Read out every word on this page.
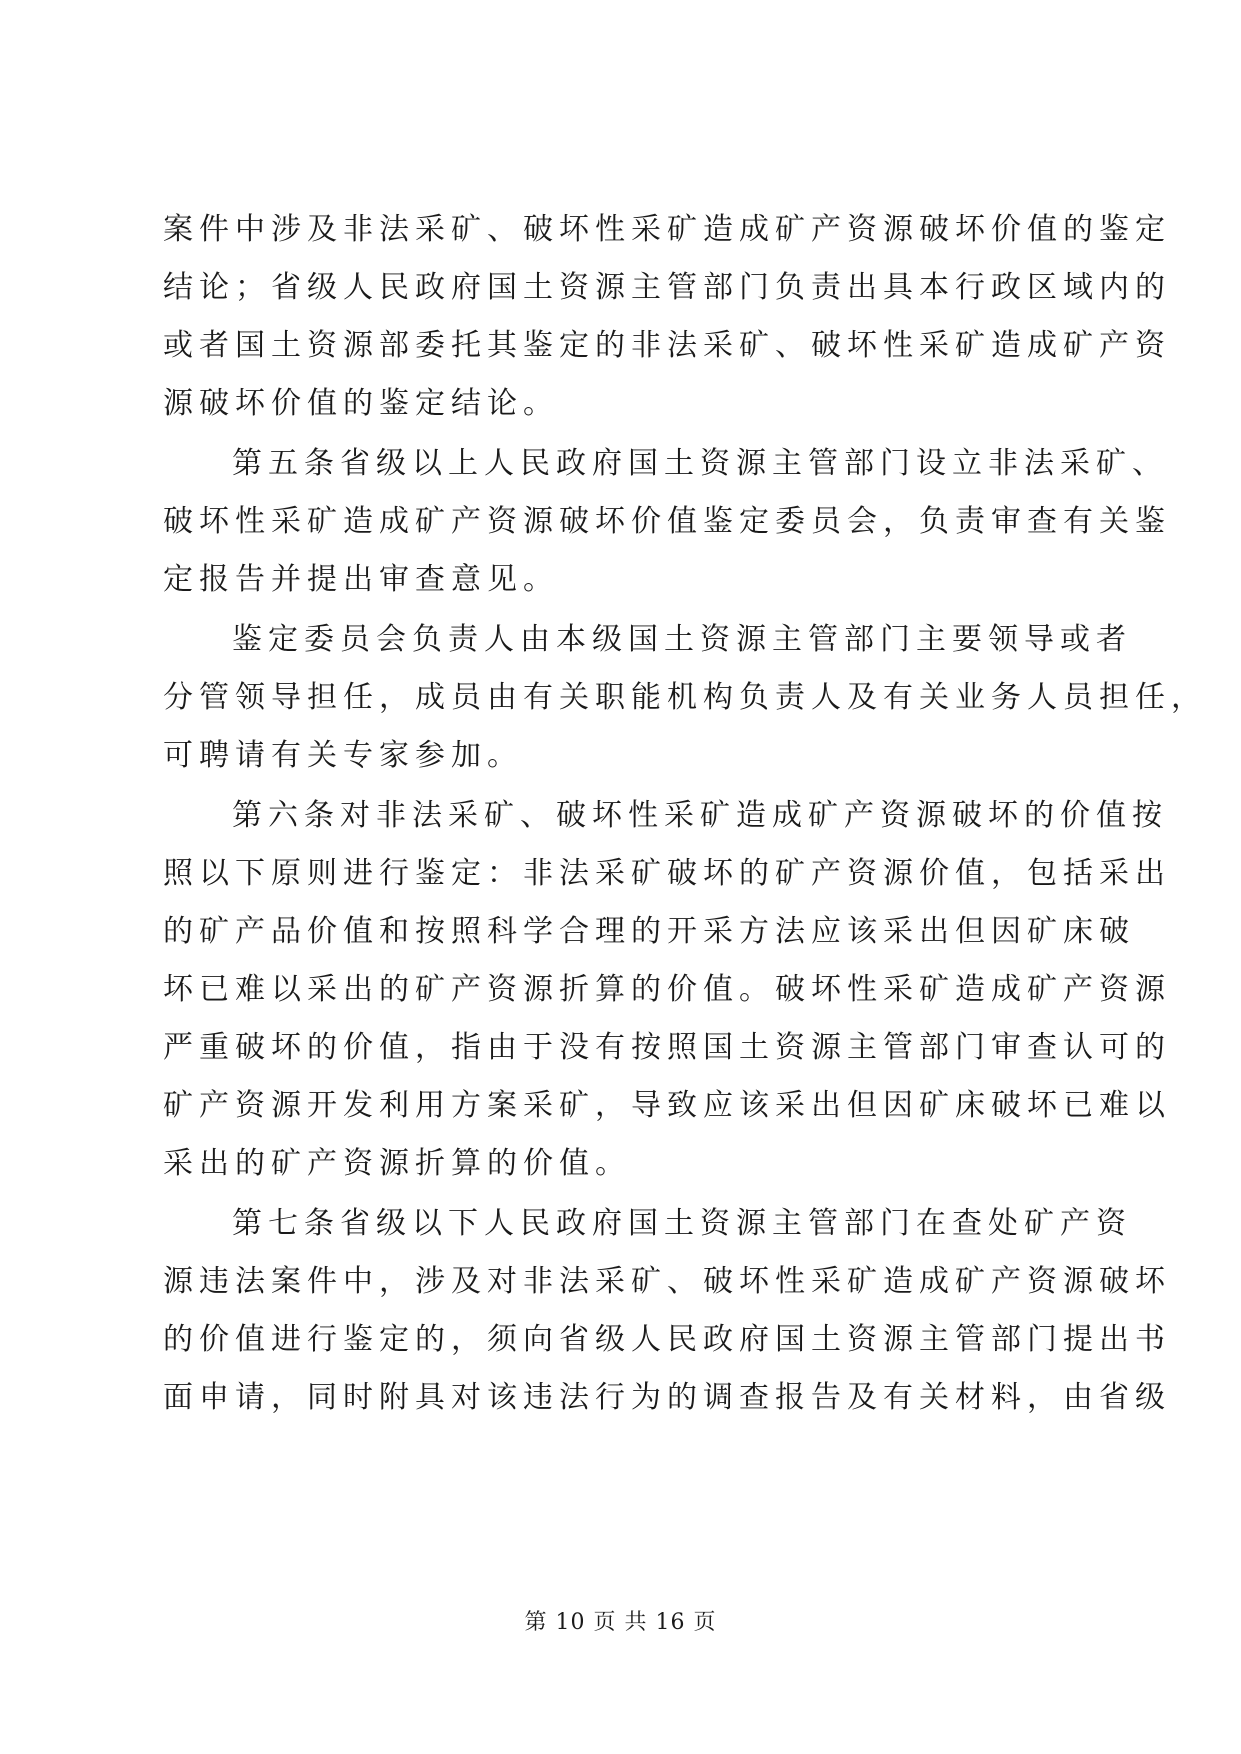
案件中涉及非法采矿、破坏性采矿造成矿产资源破坏价值的鉴定
结论；省级人民政府国土资源主管部门负责出具本行政区域内的
或者国土资源部委托其鉴定的非法采矿、破坏性采矿造成矿产资
源破坏价值的鉴定结论。
第五条省级以上人民政府国土资源主管部门设立非法采矿、
破坏性采矿造成矿产资源破坏价值鉴定委员会，负责审查有关鉴
定报告并提出审查意见。
鉴定委员会负责人由本级国土资源主管部门主要领导或者
分管领导担任，成员由有关职能机构负责人及有关业务人员担任，
可聘请有关专家参加。
第六条对非法采矿、破坏性采矿造成矿产资源破坏的价值按
照以下原则进行鉴定：非法采矿破坏的矿产资源价值，包括采出
的矿产品价值和按照科学合理的开采方法应该采出但因矿床破
坏已难以采出的矿产资源折算的价值。破坏性采矿造成矿产资源
严重破坏的价值，指由于没有按照国土资源主管部门审查认可的
矿产资源开发利用方案采矿，导致应该采出但因矿床破坏已难以
采出的矿产资源折算的价值。
第七条省级以下人民政府国土资源主管部门在查处矿产资
源违法案件中，涉及对非法采矿、破坏性采矿造成矿产资源破坏
的价值进行鉴定的，须向省级人民政府国土资源主管部门提出书
面申请，同时附具对该违法行为的调查报告及有关材料，由省级
第 10 页 共 16 页
